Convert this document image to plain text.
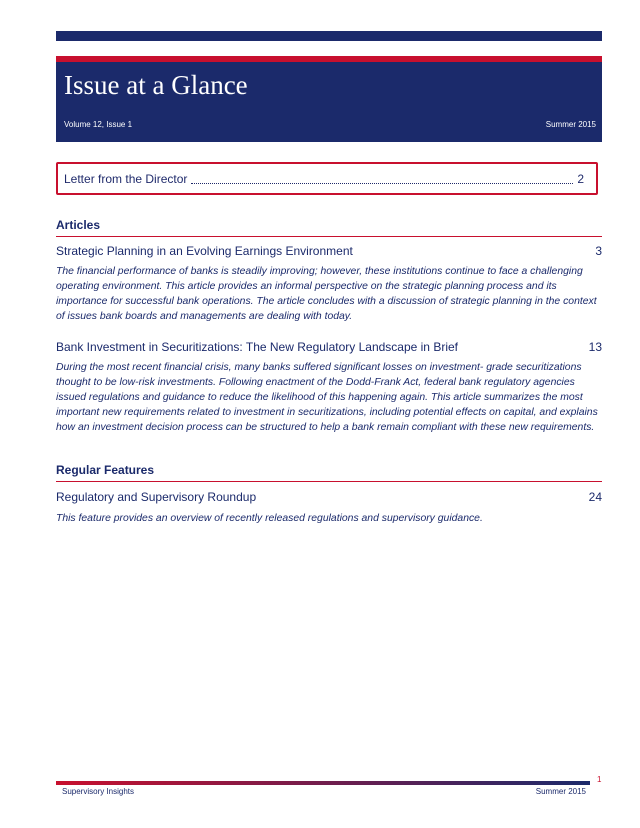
Issue at a Glance
Volume 12, Issue 1	Summer 2015
Letter from the Director	2
Articles
Strategic Planning in an Evolving Earnings Environment	3
The financial performance of banks is steadily improving; however, these institutions continue to face a challenging operating environment. This article provides an informal perspective on the strategic planning process and its importance for successful bank operations. The article concludes with a discussion of strategic planning in the context of issues bank boards and managements are dealing with today.
Bank Investment in Securitizations: The New Regulatory Landscape in Brief	13
During the most recent financial crisis, many banks suffered significant losses on investment- grade securitizations thought to be low-risk investments. Following enactment of the Dodd-Frank Act, federal bank regulatory agencies issued regulations and guidance to reduce the likelihood of this happening again. This article summarizes the most important new requirements related to investment in securitizations, including potential effects on capital, and explains how an investment decision process can be structured to help a bank remain compliant with these new requirements.
Regular Features
Regulatory and Supervisory Roundup	24
This feature provides an overview of recently released regulations and supervisory guidance.
1
Supervisory Insights	Summer 2015
